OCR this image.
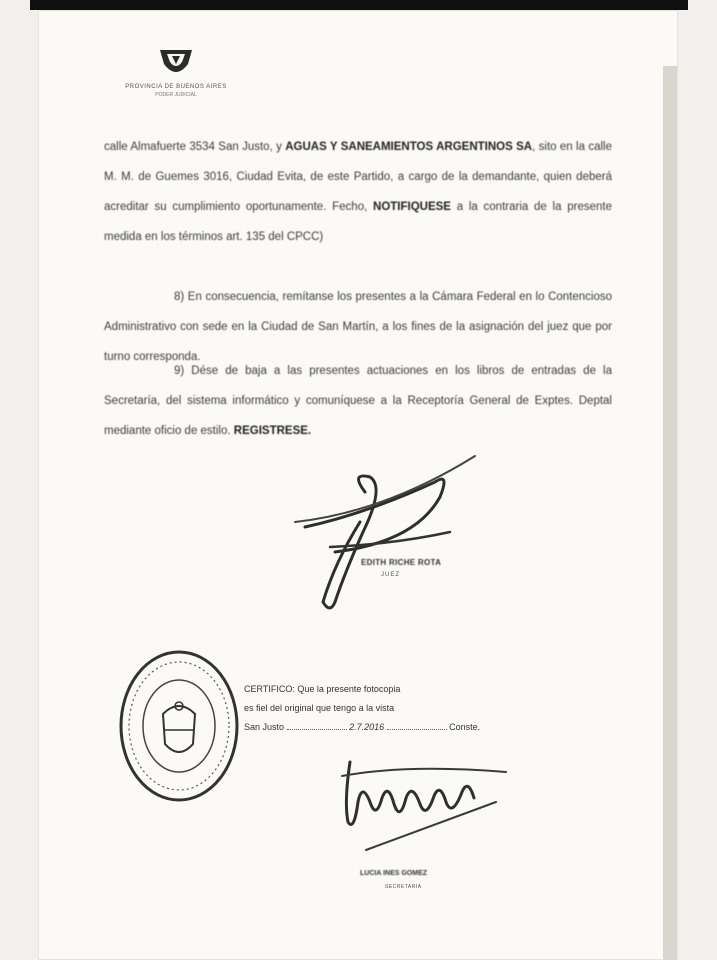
PROVINCIA DE BUENOS AIRES
PODER JUDICIAL

calle Almafuerte 3534 San Justo, y AGUAS Y SANEAMIENTOS ARGENTINOS SA, sito en la calle M. M. de Guemes 3016, Ciudad Evita, de este Partido, a cargo de la demandante, quien deberá acreditar su cumplimiento oportunamente. Fecho, NOTIFIQUESE a la contraria de la presente medida en los términos art. 135 del CPCC)

8) En consecuencia, remítanse los presentes a la Cámara Federal en lo Contencioso Administrativo con sede en la Ciudad de San Martín, a los fines de la asignación del juez que por turno corresponda.

9) Dése de baja a las presentes actuaciones en los libros de entradas de la Secretaría, del sistema informático y comuníquese a la Receptoría General de Exptes. Deptal mediante oficio de estilo. REGISTRESE.

EDITH RICHE ROTA
JUEZ
CERTIFICO: Que la presente fotocopia
es fiel del original que tengo a la vista
San Justo	2.7.2016	Conste.
LUCIA INES GOMEZ
SECRETARIA
